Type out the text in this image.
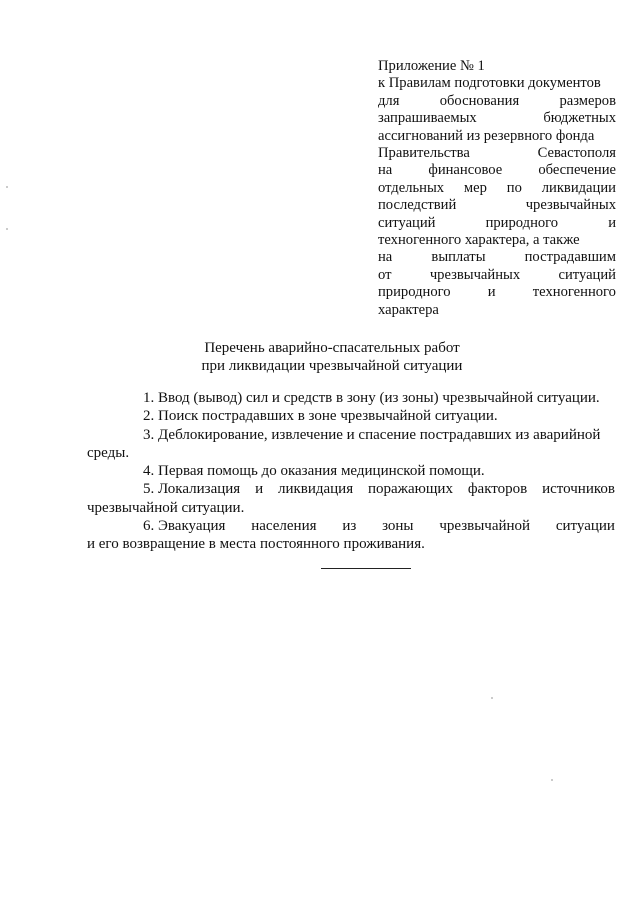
Приложение № 1
к Правилам подготовки документов
для	обоснования	размеров
запрашиваемых	бюджетных
ассигнований из резервного фонда
Правительства	Севастополя
на финансовое обеспечение
отдельных мер по ликвидации
последствий	чрезвычайных
ситуаций	природного	и
техногенного характера, а также
на	выплаты	пострадавшим
от	чрезвычайных	ситуаций
природного	и	техногенного
характера
Перечень аварийно-спасательных работ
при ликвидации чрезвычайной ситуации
1. Ввод (вывод) сил и средств в зону (из зоны) чрезвычайной ситуации.
2. Поиск пострадавших в зоне чрезвычайной ситуации.
3. Деблокирование, извлечение и спасение пострадавших из аварийной
среды.
4. Первая помощь до оказания медицинской помощи.
5. Локализация и ликвидация поражающих факторов источников
чрезвычайной ситуации.
6. Эвакуация населения из зоны чрезвычайной ситуации
и его возвращение в места постоянного проживания.
